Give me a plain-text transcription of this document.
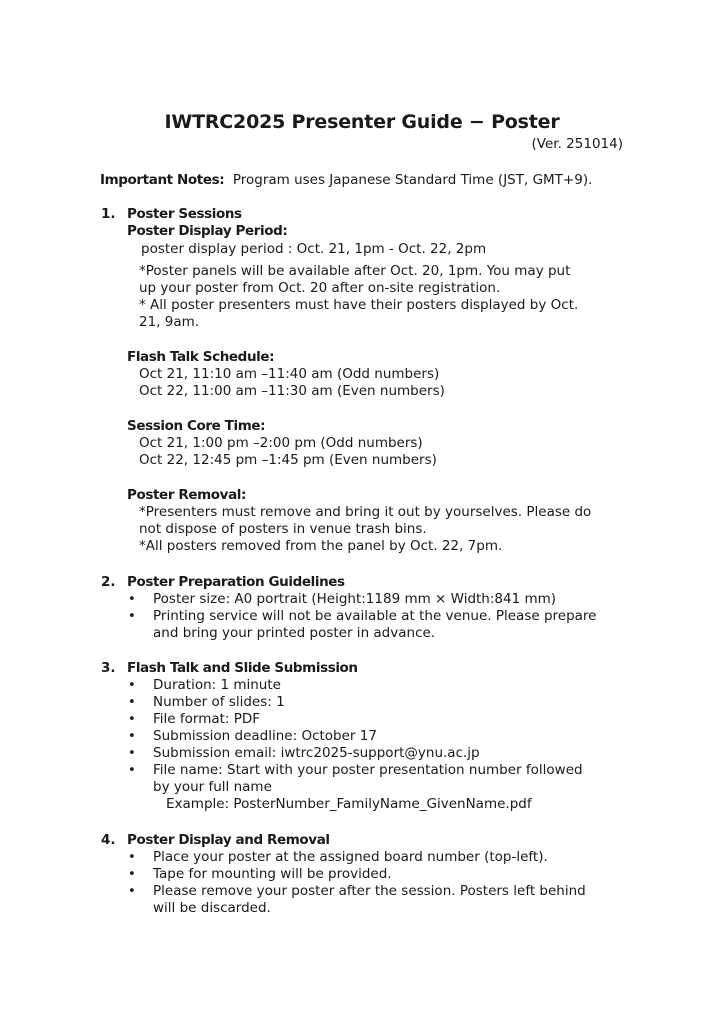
IWTRC2025 Presenter Guide − Poster
(Ver. 251014)
Important Notes: Program uses Japanese Standard Time (JST, GMT+9).
1. Poster Sessions
Poster Display Period:
poster display period : Oct. 21, 1pm - Oct. 22, 2pm
*Poster panels will be available after Oct. 20, 1pm. You may put
up your poster from Oct. 20 after on-site registration.
* All poster presenters must have their posters displayed by Oct.
21, 9am.
Flash Talk Schedule:
Oct 21, 11:10 am –11:40 am (Odd numbers)
Oct 22, 11:00 am –11:30 am (Even numbers)
Session Core Time:
Oct 21, 1:00 pm –2:00 pm (Odd numbers)
Oct 22, 12:45 pm –1:45 pm (Even numbers)
Poster Removal:
*Presenters must remove and bring it out by yourselves. Please do
not dispose of posters in venue trash bins.
*All posters removed from the panel by Oct. 22, 7pm.
2. Poster Preparation Guidelines
• Poster size: A0 portrait (Height:1189 mm × Width:841 mm)
• Printing service will not be available at the venue. Please prepare
and bring your printed poster in advance.
3. Flash Talk and Slide Submission
• Duration: 1 minute
• Number of slides: 1
• File format: PDF
• Submission deadline: October 17
• Submission email: iwtrc2025-support@ynu.ac.jp
• File name: Start with your poster presentation number followed
by your full name
Example: PosterNumber_FamilyName_GivenName.pdf
4. Poster Display and Removal
• Place your poster at the assigned board number (top-left).
• Tape for mounting will be provided.
• Please remove your poster after the session. Posters left behind
will be discarded.
